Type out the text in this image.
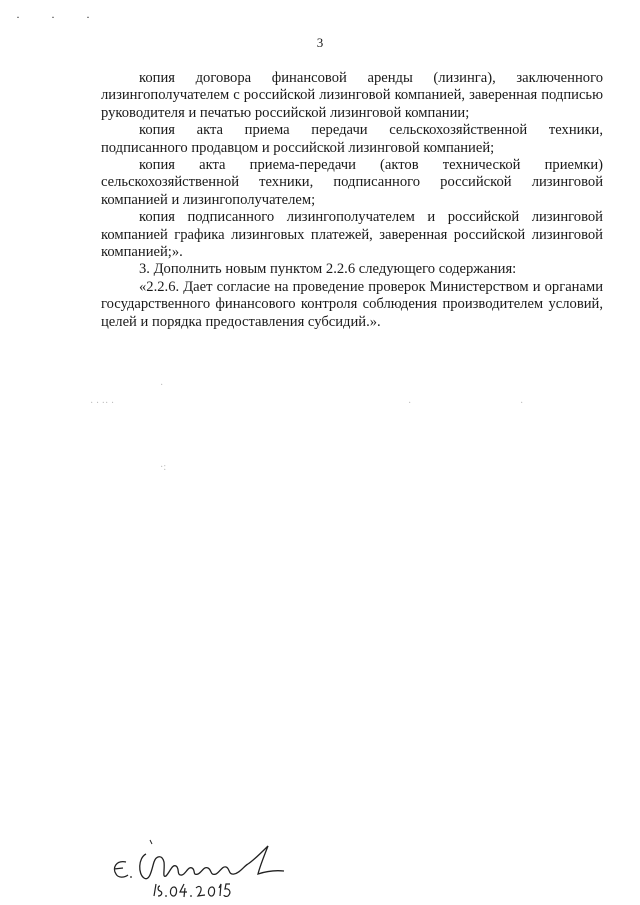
· · ·
3

копия договора финансовой аренды (лизинга), заключенного лизингополучателем с российской лизинговой компанией, заверенная подписью руководителя и печатью российской лизинговой компании;

копия акта приема передачи сельскохозяйственной техники, подписанного продавцом и российской лизинговой компанией;

копия акта приема-передачи (актов технической приемки) сельскохозяйственной техники, подписанного российской лизинговой компанией и лизингополучателем;

копия подписанного лизингополучателем и российской лизинговой компанией графика лизинговых платежей, заверенная российской лизинговой компанией;».

3. Дополнить новым пунктом 2.2.6 следующего содержания:

«2.2.6. Дает согласие на проведение проверок Министерством и органами государственного финансового контроля соблюдения производителем условий, целей и порядка предоставления субсидий.».

· · ·· ·
·
·:
·	·
